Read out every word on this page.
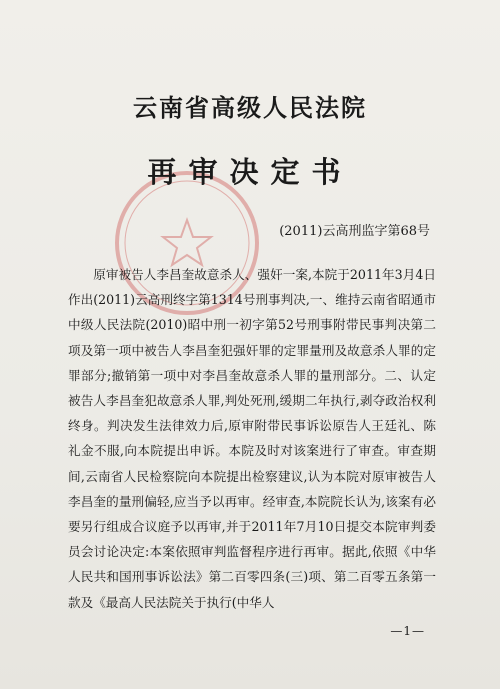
云南省高级人民法院
再审决定书
(2011)云高刑监字第68号

原审被告人李昌奎故意杀人、强奸一案,本院于2011年3月4日作出(2011)云高刑终字第1314号刑事判决,一、维持云南省昭通市中级人民法院(2010)昭中刑一初字第52号刑事附带民事判决第二项及第一项中被告人李昌奎犯强奸罪的定罪量刑及故意杀人罪的定罪部分;撤销第一项中对李昌奎故意杀人罪的量刑部分。二、认定被告人李昌奎犯故意杀人罪,判处死刑,缓期二年执行,剥夺政治权利终身。判决发生法律效力后,原审附带民事诉讼原告人王廷礼、陈礼金不服,向本院提出申诉。本院及时对该案进行了审查。审查期间,云南省人民检察院向本院提出检察建议,认为本院对原审被告人李昌奎的量刑偏轻,应当予以再审。经审查,本院院长认为,该案有必要另行组成合议庭予以再审,并于2011年7月10日提交本院审判委员会讨论决定:本案依照审判监督程序进行再审。据此,依照《中华人民共和国刑事诉讼法》第二百零四条(三)项、第二百零五条第一款及《最高人民法院关于执行(中华人

—1—
